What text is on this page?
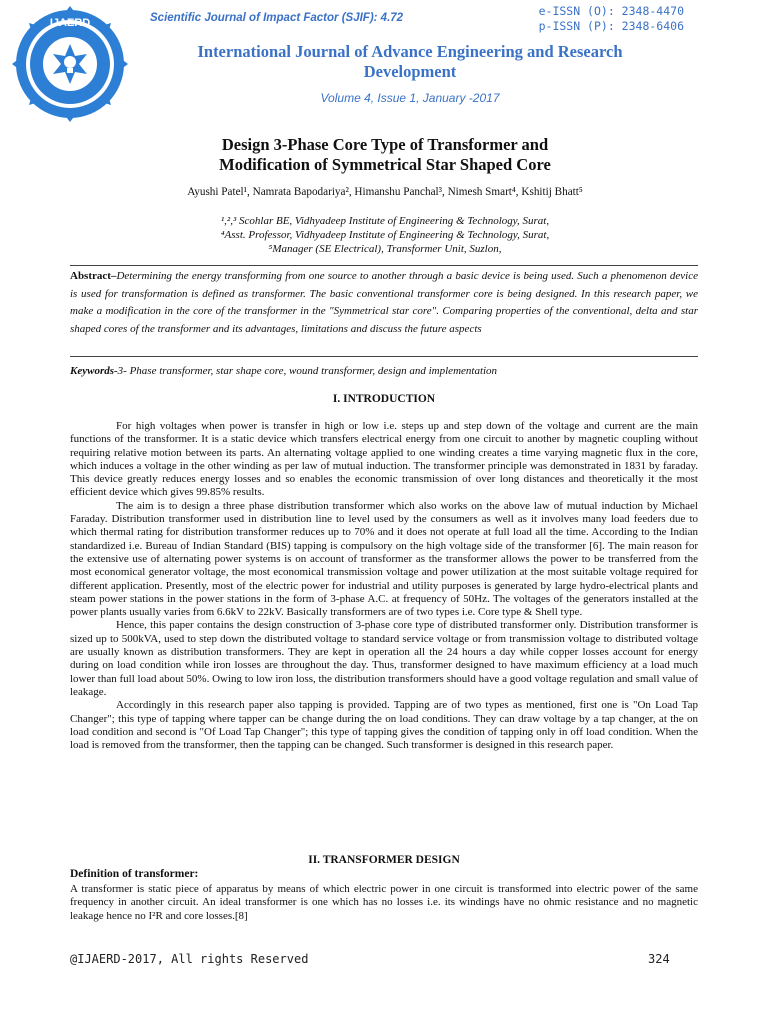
IJAERD	Scientific Journal of Impact Factor (SJIF): 4.72	e-ISSN (O): 2348-4470
p-ISSN (P): 2348-6406
International Journal of Advance Engineering and Research Development
Volume 4, Issue 1, January -2017
Design 3-Phase Core Type of Transformer and
Modification of Symmetrical Star Shaped Core
Ayushi Patel¹, Namrata Bapodariya², Himanshu Panchal³, Nimesh Smart⁴, Kshitij Bhatt⁵
¹,²,³ Scohlar BE, Vidhyadeep Institute of Engineering & Technology, Surat,
⁴Asst. Professor, Vidhyadeep Institute of Engineering & Technology, Surat,
⁵Manager (SE Electrical), Transformer Unit, Suzlon,
Abstract–Determining the energy transforming from one source to another through a basic device is being used. Such a phenomenon device is used for transformation is defined as transformer. The basic conventional transformer core is being designed. In this research paper, we make a modification in the core of the transformer in the "Symmetrical star core". Comparing properties of the conventional, delta and star shaped cores of the transformer and its advantages, limitations and discuss the future aspects
Keywords-3- Phase transformer, star shape core, wound transformer, design and implementation
I. INTRODUCTION

For high voltages when power is transfer in high or low i.e. steps up and step down of the voltage and current are the main functions of the transformer. It is a static device which transfers electrical energy from one circuit to another by magnetic coupling without requiring relative motion between its parts. An alternating voltage applied to one winding creates a time varying magnetic flux in the core, which induces a voltage in the other winding as per law of mutual induction. The transformer principle was demonstrated in 1831 by faraday. This device greatly reduces energy losses and so enables the economic transmission of over long distances and theoretically it the most efficient device which gives 99.85% results.

The aim is to design a three phase distribution transformer which also works on the above law of mutual induction by Michael Faraday. Distribution transformer used in distribution line to level used by the consumers as well as it involves many load feeders due to which thermal rating for distribution transformer reduces up to 70% and it does not operate at full load all the time. According to the Indian standardized i.e. Bureau of Indian Standard (BIS) tapping is compulsory on the high voltage side of the transformer [6]. The main reason for the extensive use of alternating power systems is on account of transformer as the transformer allows the power to be transferred from the most economical generator voltage, the most economical transmission voltage and power utilization at the most suitable voltage required for different application. Presently, most of the electric power for industrial and utility purposes is generated by large hydro-electrical plants and steam power stations in the power stations in the form of 3-phase A.C. at frequency of 50Hz. The voltages of the generators installed at the power plants usually varies from 6.6kV to 22kV. Basically transformers are of two types i.e. Core type & Shell type.

Hence, this paper contains the design construction of 3-phase core type of distributed transformer only. Distribution transformer is sized up to 500kVA, used to step down the distributed voltage to standard service voltage or from transmission voltage to distributed voltage are usually known as distribution transformers. They are kept in operation all the 24 hours a day while copper losses account for energy during on load condition while iron losses are throughout the day. Thus, transformer designed to have maximum efficiency at a load much lower than full load about 50%. Owing to low iron loss, the distribution transformers should have a good voltage regulation and small value of leakage.

Accordingly in this research paper also tapping is provided. Tapping are of two types as mentioned, first one is "On Load Tap Changer"; this type of tapping where tapper can be change during the on load conditions. They can draw voltage by a tap changer, at the on load condition and second is "Of Load Tap Changer"; this type of tapping gives the condition of tapping only in off load condition. When the load is removed from the transformer, then the tapping can be changed. Such transformer is designed in this research paper.

II. TRANSFORMER DESIGN
Definition of transformer:
A transformer is static piece of apparatus by means of which electric power in one circuit is transformed into electric power of the same frequency in another circuit. An ideal transformer is one which has no losses i.e. its windings have no ohmic resistance and no magnetic leakage hence no I²R and core losses.[8]
@IJAERD-2017, All rights Reserved	324
